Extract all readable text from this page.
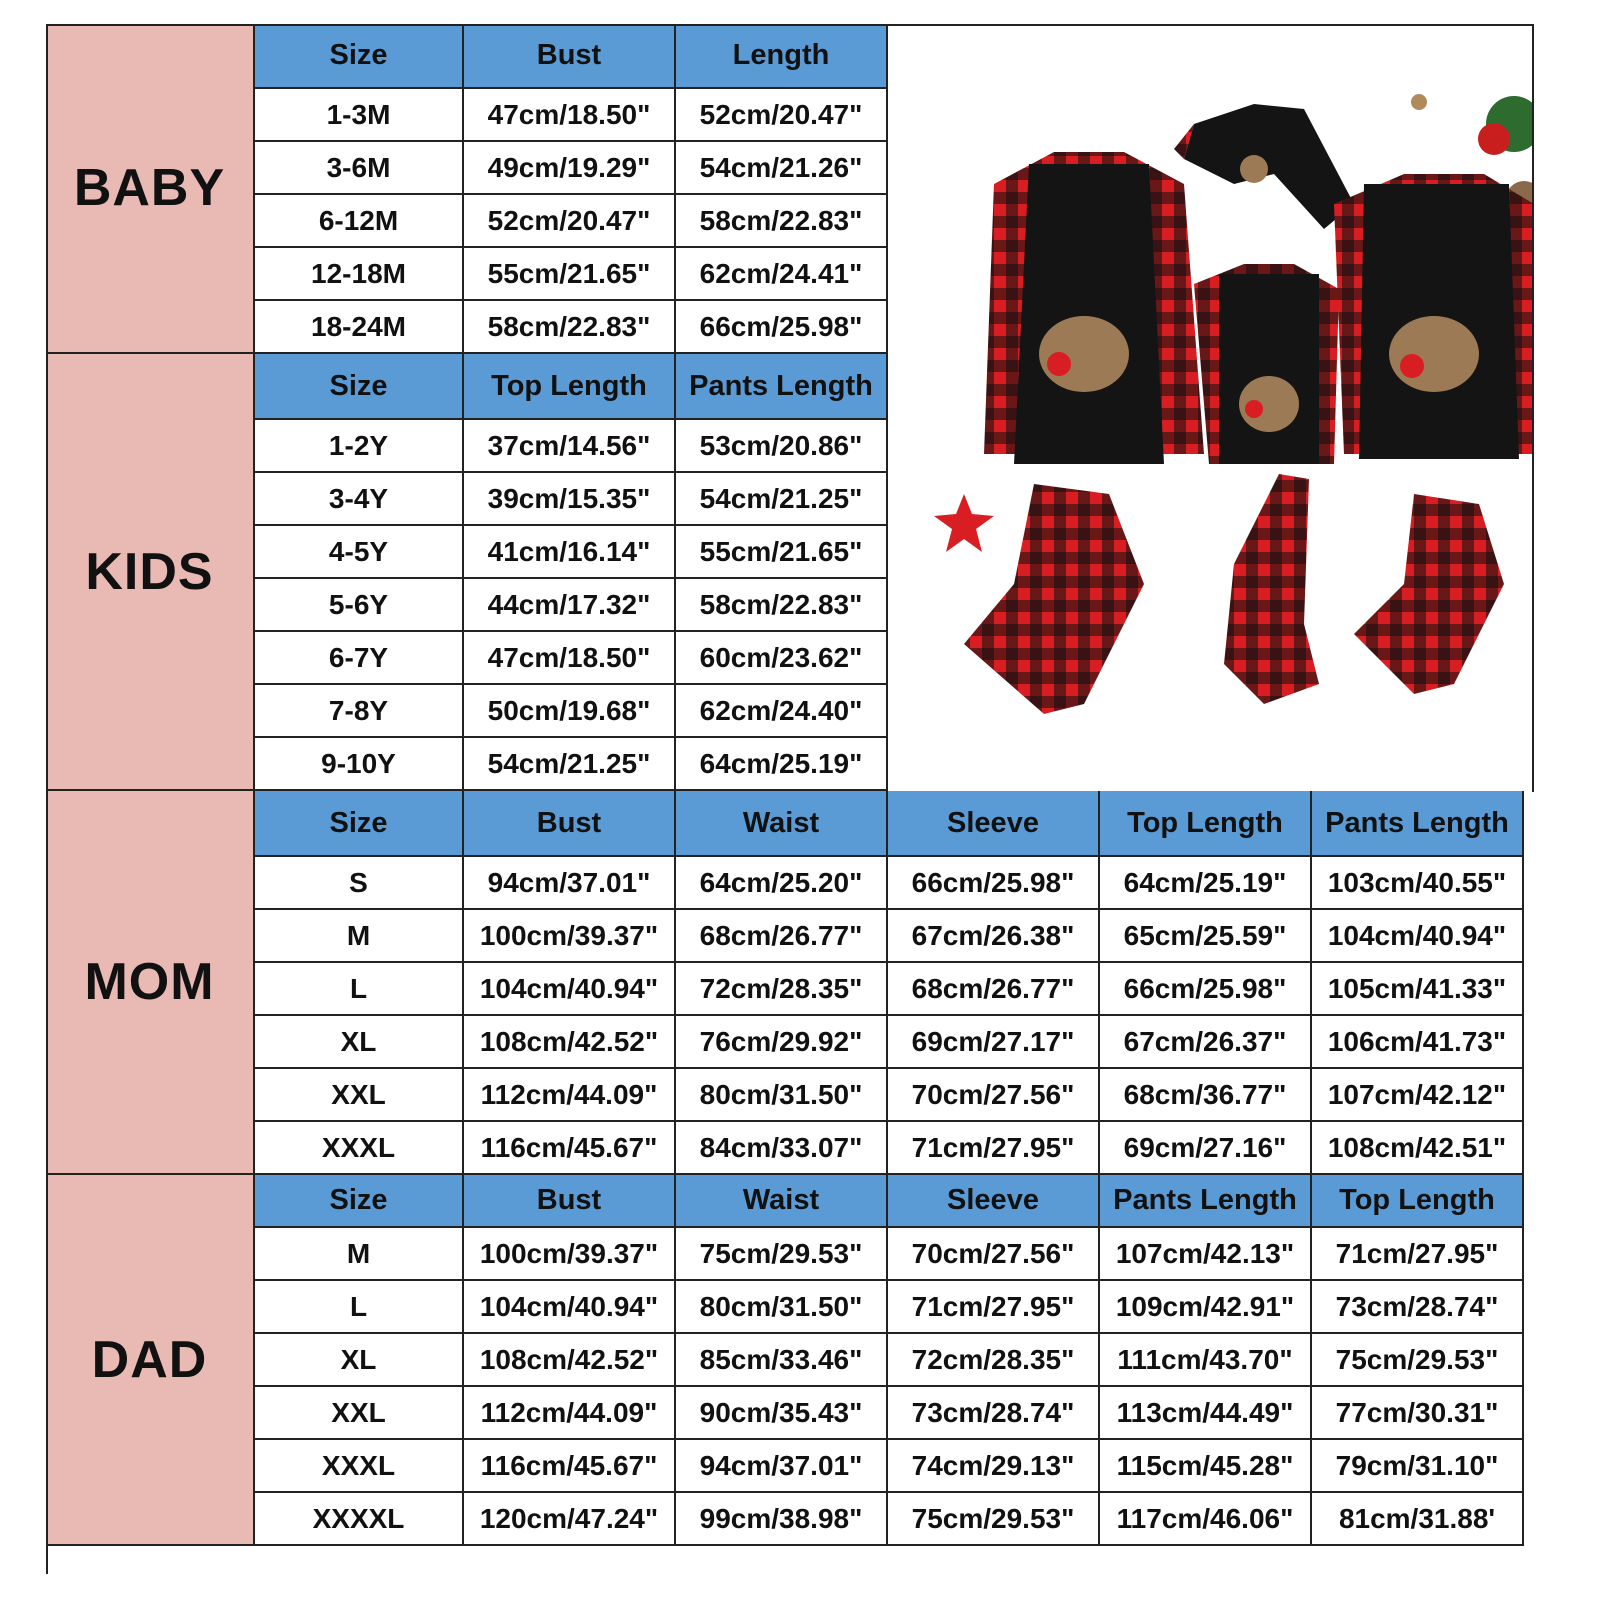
BABY
Size	Bust	Length
1-3M	47cm/18.50"	52cm/20.47"
3-6M	49cm/19.29"	54cm/21.26"
6-12M	52cm/20.47"	58cm/22.83"
12-18M	55cm/21.65"	62cm/24.41"
18-24M	58cm/22.83"	66cm/25.98"
KIDS
Size	Top Length	Pants Length
1-2Y	37cm/14.56"	53cm/20.86"
3-4Y	39cm/15.35"	54cm/21.25"
4-5Y	41cm/16.14"	55cm/21.65"
5-6Y	44cm/17.32"	58cm/22.83"
6-7Y	47cm/18.50"	60cm/23.62"
7-8Y	50cm/19.68"	62cm/24.40"
9-10Y	54cm/21.25"	64cm/25.19"
MOM
Size	Bust	Waist	Sleeve	Top Length	Pants Length
S	94cm/37.01"	64cm/25.20"	66cm/25.98"	64cm/25.19"	103cm/40.55"
M	100cm/39.37"	68cm/26.77"	67cm/26.38"	65cm/25.59"	104cm/40.94"
L	104cm/40.94"	72cm/28.35"	68cm/26.77"	66cm/25.98"	105cm/41.33"
XL	108cm/42.52"	76cm/29.92"	69cm/27.17"	67cm/26.37"	106cm/41.73"
XXL	112cm/44.09"	80cm/31.50"	70cm/27.56"	68cm/36.77"	107cm/42.12"
XXXL	116cm/45.67"	84cm/33.07"	71cm/27.95"	69cm/27.16"	108cm/42.51"
DAD
Size	Bust	Waist	Sleeve	Pants Length	Top Length
M	100cm/39.37"	75cm/29.53"	70cm/27.56"	107cm/42.13"	71cm/27.95"
L	104cm/40.94"	80cm/31.50"	71cm/27.95"	109cm/42.91"	73cm/28.74"
XL	108cm/42.52"	85cm/33.46"	72cm/28.35"	111cm/43.70"	75cm/29.53"
XXL	112cm/44.09"	90cm/35.43"	73cm/28.74"	113cm/44.49"	77cm/30.31"
XXXL	116cm/45.67"	94cm/37.01"	74cm/29.13"	115cm/45.28"	79cm/31.10"
XXXXL	120cm/47.24"	99cm/38.98"	75cm/29.53"	117cm/46.06"	81cm/31.88'
